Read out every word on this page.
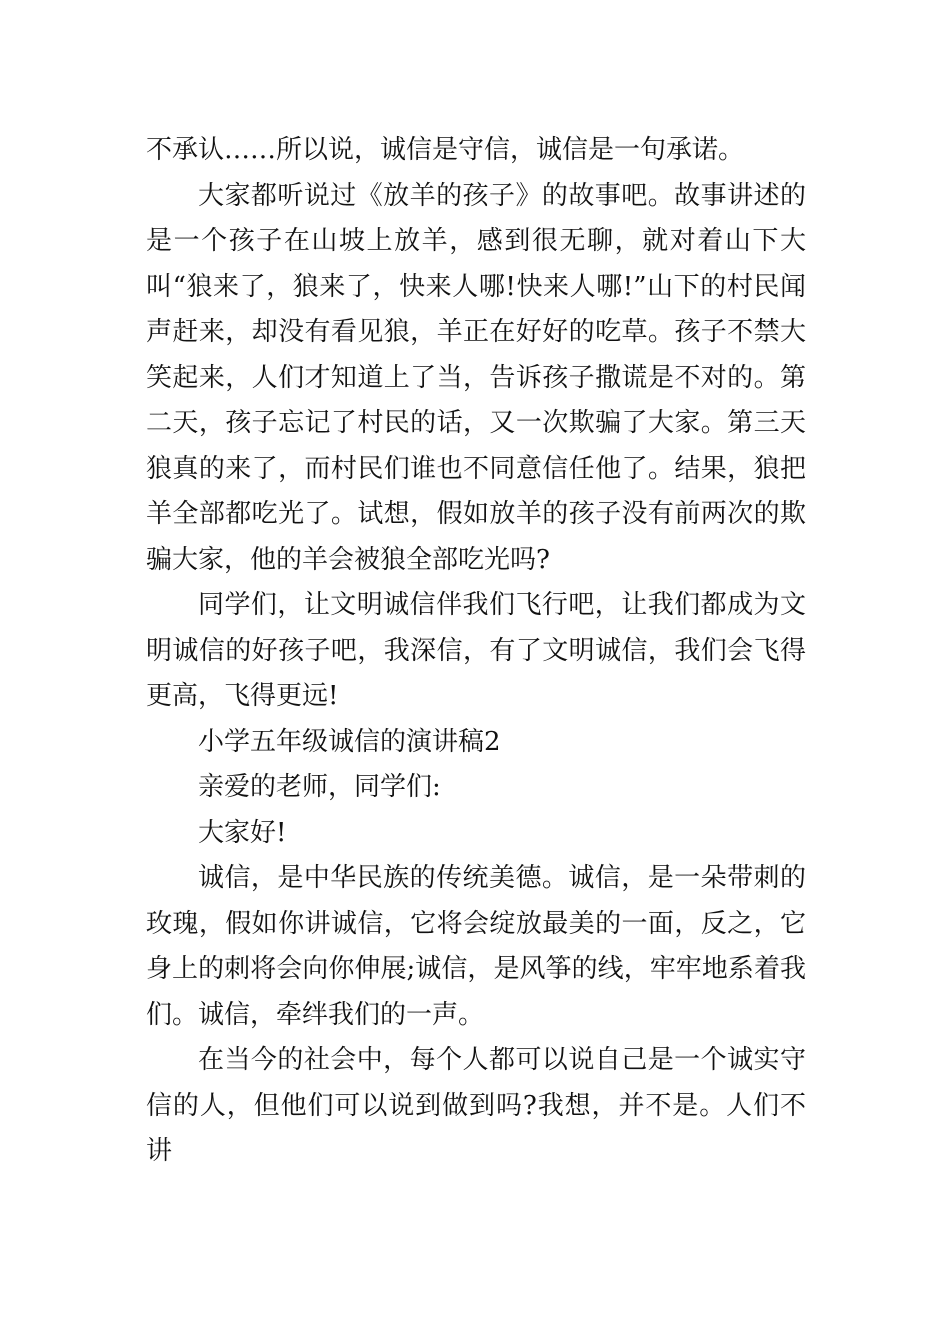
不承认……所以说，诚信是守信，诚信是一句承诺。

大家都听说过《放羊的孩子》的故事吧。故事讲述的是一个孩子在山坡上放羊，感到很无聊，就对着山下大叫“狼来了，狼来了，快来人哪!快来人哪!”山下的村民闻声赶来，却没有看见狼，羊正在好好的吃草。孩子不禁大笑起来，人们才知道上了当，告诉孩子撒谎是不对的。第二天，孩子忘记了村民的话，又一次欺骗了大家。第三天狼真的来了，而村民们谁也不同意信任他了。结果，狼把羊全部都吃光了。试想，假如放羊的孩子没有前两次的欺骗大家，他的羊会被狼全部吃光吗?

同学们，让文明诚信伴我们飞行吧，让我们都成为文明诚信的好孩子吧，我深信，有了文明诚信，我们会飞得更高，飞得更远!

小学五年级诚信的演讲稿2

亲爱的老师，同学们:

大家好!

诚信，是中华民族的传统美德。诚信，是一朵带刺的玫瑰，假如你讲诚信，它将会绽放最美的一面，反之，它身上的刺将会向你伸展;诚信，是风筝的线，牢牢地系着我们。诚信，牵绊我们的一声。

在当今的社会中，每个人都可以说自己是一个诚实守信的人，但他们可以说到做到吗?我想，并不是。人们不讲
